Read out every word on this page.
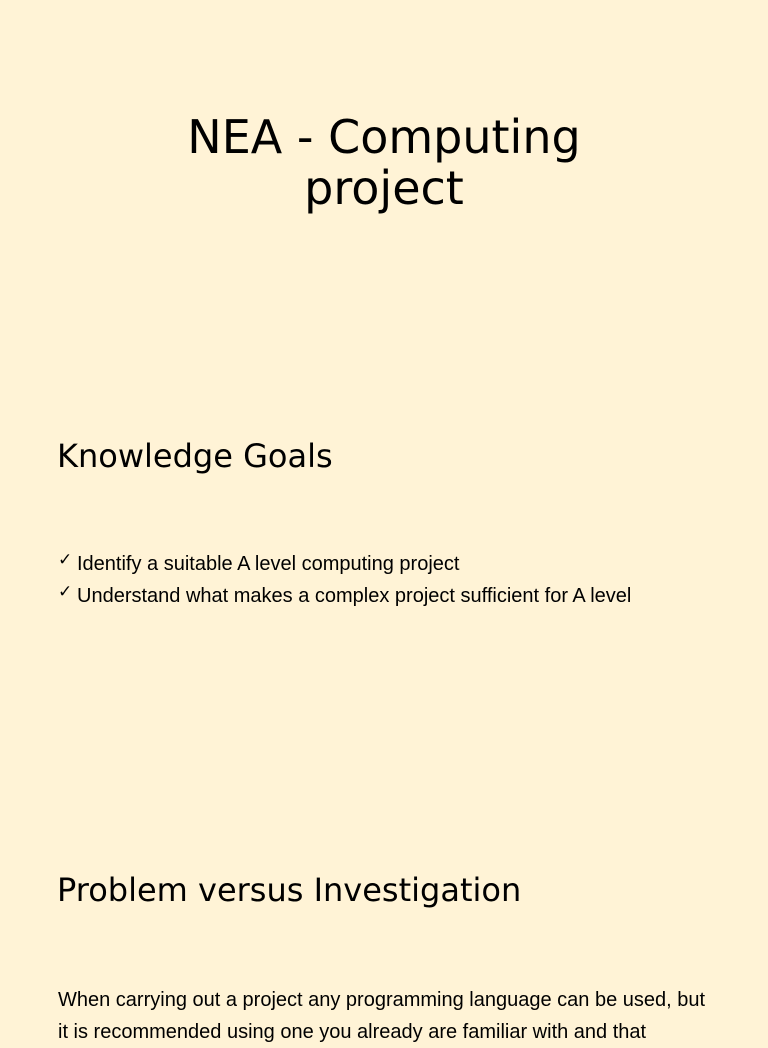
NEA - Computing
project
Knowledge Goals
✓ Identify a suitable A level computing project
✓ Understand what makes a complex project sufficient for A level
Problem versus Investigation

When carrying out a project any programming language can be used, but it is recommended using one you already are familiar with and that
